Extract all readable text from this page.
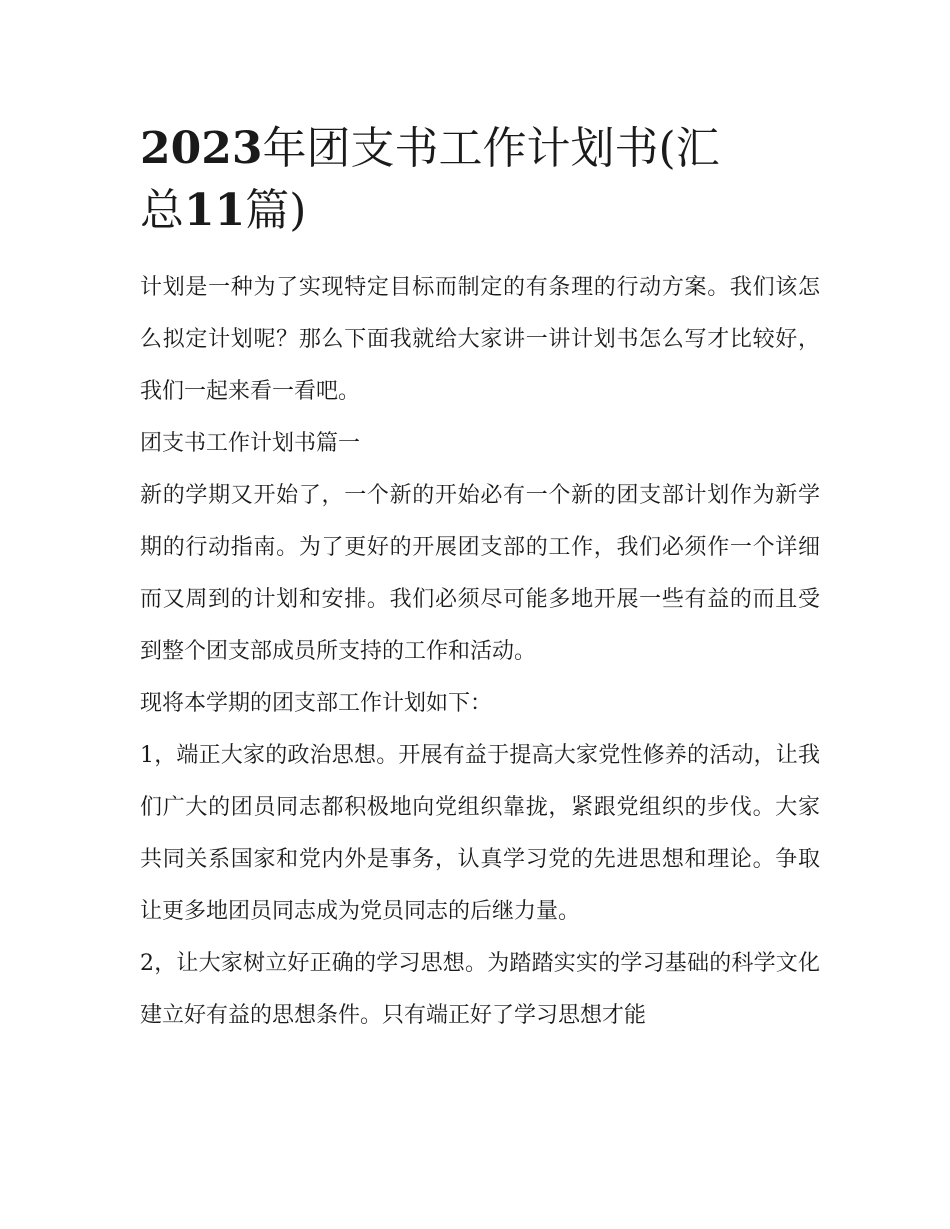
2023年团支书工作计划书(汇
总11篇)

计划是一种为了实现特定目标而制定的有条理的行动方案。我们该怎么拟定计划呢？那么下面我就给大家讲一讲计划书怎么写才比较好，我们一起来看一看吧。

团支书工作计划书篇一

新的学期又开始了，一个新的开始必有一个新的团支部计划作为新学期的行动指南。为了更好的开展团支部的工作，我们必须作一个详细而又周到的计划和安排。我们必须尽可能多地开展一些有益的而且受到整个团支部成员所支持的工作和活动。

现将本学期的团支部工作计划如下：

1，端正大家的政治思想。开展有益于提高大家党性修养的活动，让我们广大的团员同志都积极地向党组织靠拢，紧跟党组织的步伐。大家共同关系国家和党内外是事务，认真学习党的先进思想和理论。争取让更多地团员同志成为党员同志的后继力量。

2，让大家树立好正确的学习思想。为踏踏实实的学习基础的科学文化建立好有益的思想条件。只有端正好了学习思想才能
